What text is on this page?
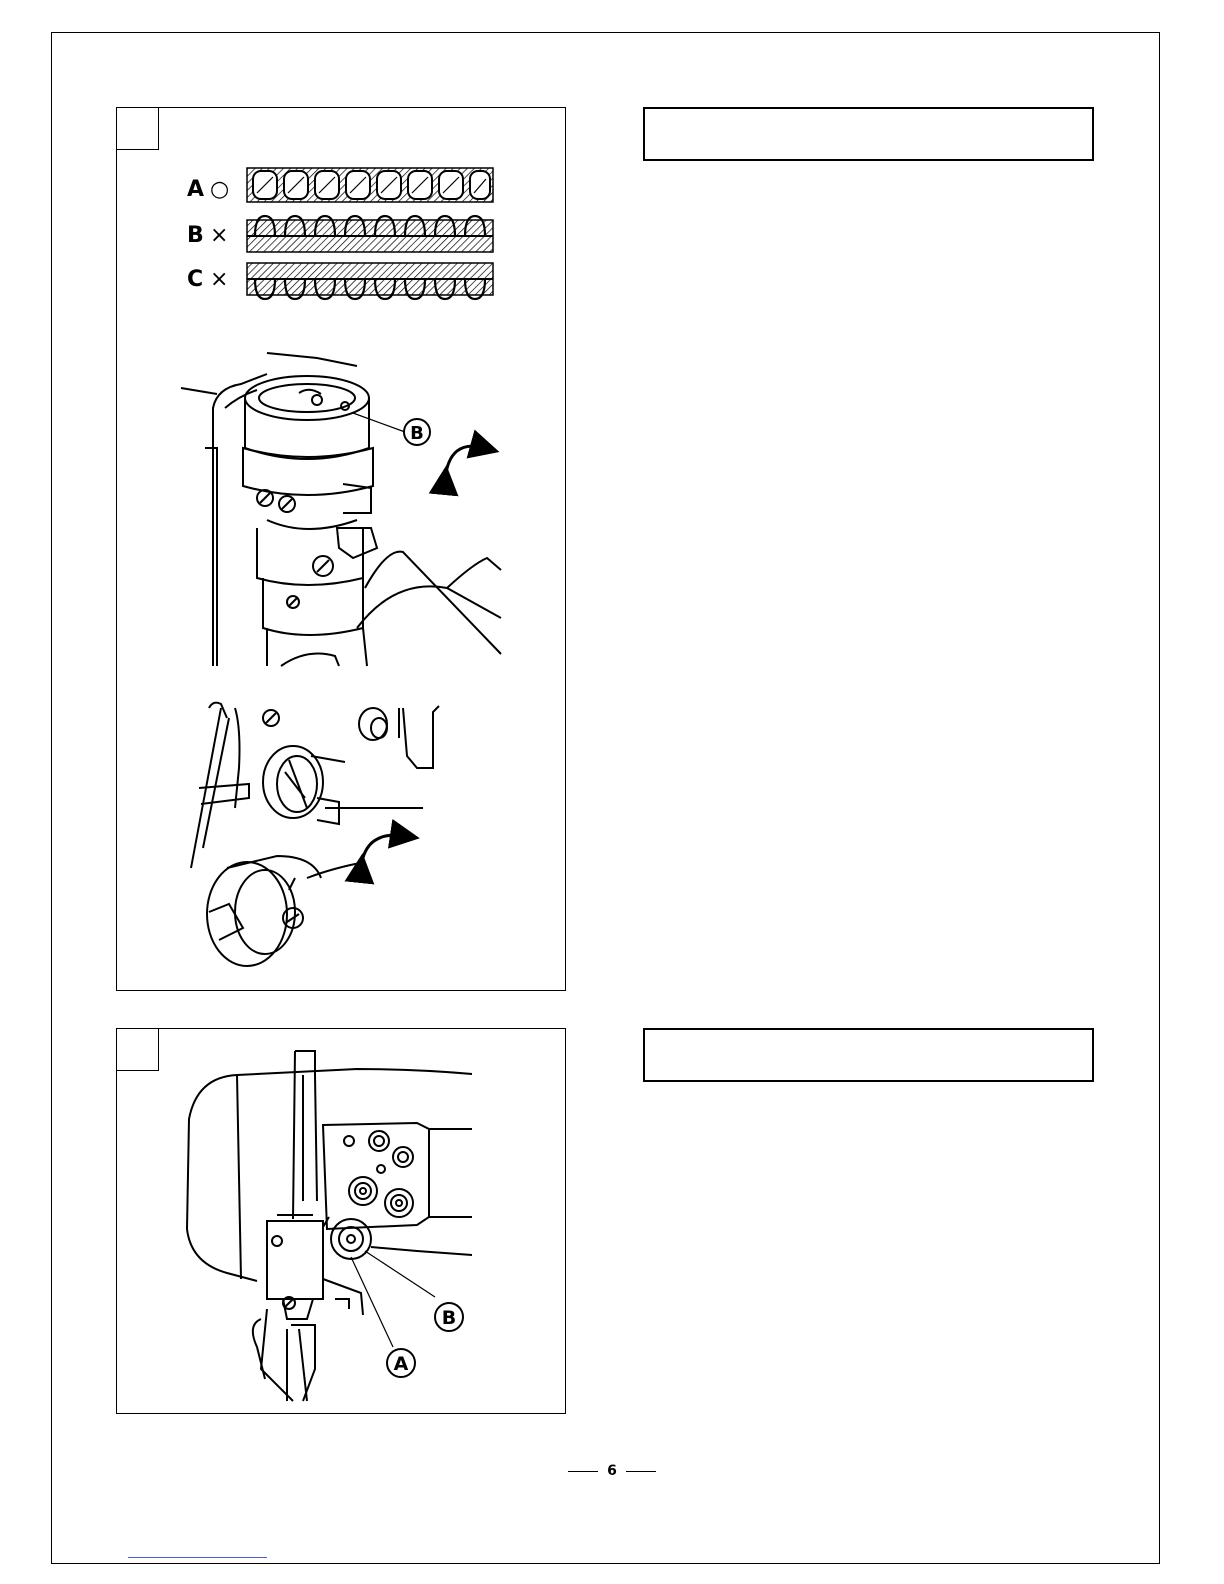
A ○
B ×
C ×
B
B
A
6
